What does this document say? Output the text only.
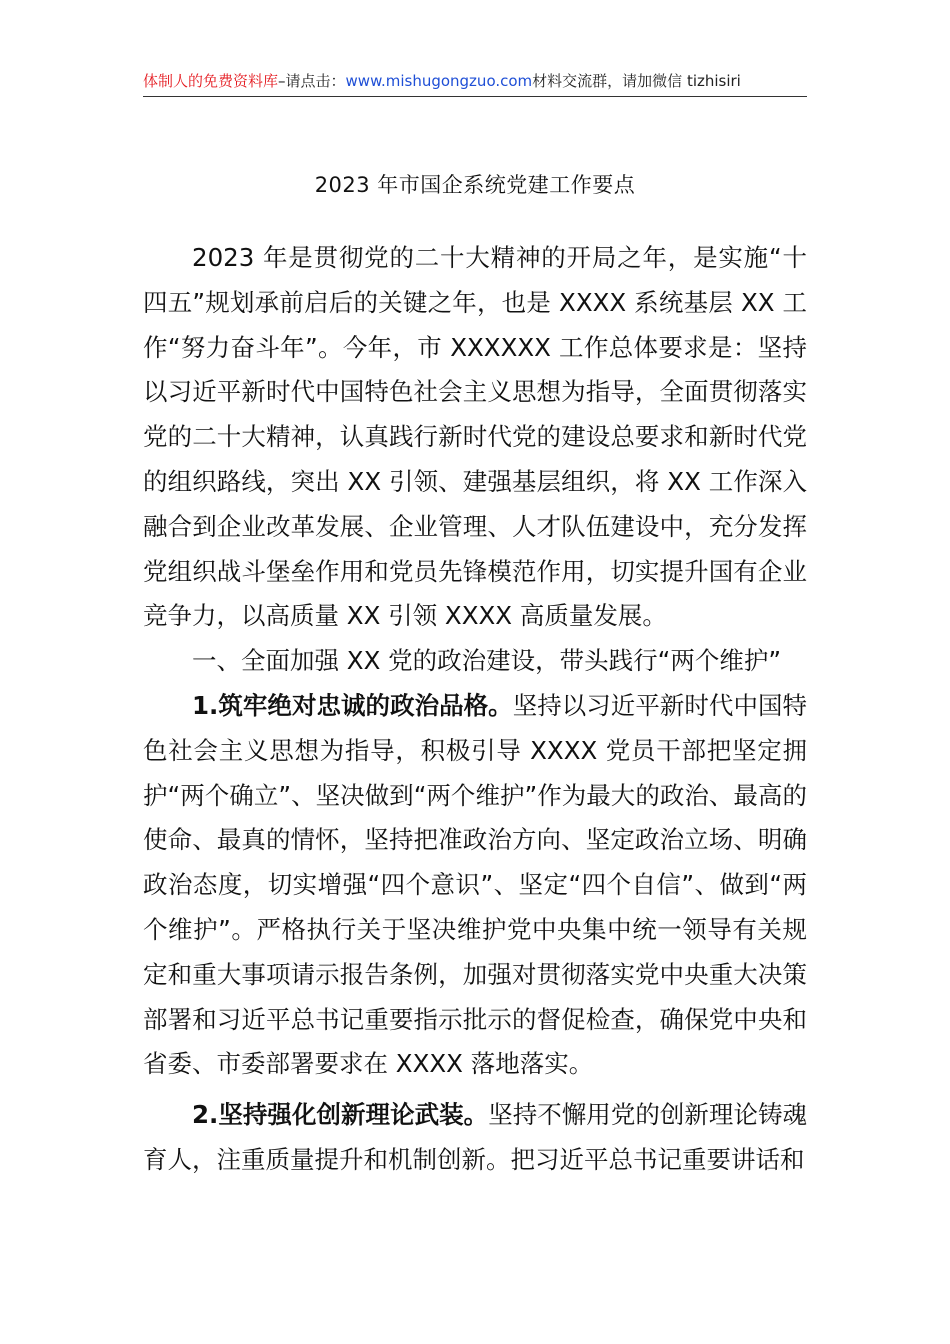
体制人的免费资料库–请点击：www.mishugongzuo.com材料交流群，请加微信 tizhisiri
2023 年市国企系统党建工作要点

2023 年是贯彻党的二十大精神的开局之年，是实施“十四五”规划承前启后的关键之年，也是 XXXX 系统基层 XX 工作“努力奋斗年”。今年，市 XXXXXX 工作总体要求是：坚持以习近平新时代中国特色社会主义思想为指导，全面贯彻落实党的二十大精神，认真践行新时代党的建设总要求和新时代党的组织路线，突出 XX 引领、建强基层组织，将 XX 工作深入融合到企业改革发展、企业管理、人才队伍建设中，充分发挥党组织战斗堡垒作用和党员先锋模范作用，切实提升国有企业竞争力，以高质量 XX 引领 XXXX 高质量发展。

一、全面加强 XX 党的政治建设，带头践行“两个维护”

1.筑牢绝对忠诚的政治品格。坚持以习近平新时代中国特色社会主义思想为指导，积极引导 XXXX 党员干部把坚定拥护“两个确立”、坚决做到“两个维护”作为最大的政治、最高的使命、最真的情怀，坚持把准政治方向、坚定政治立场、明确政治态度，切实增强“四个意识”、坚定“四个自信”、做到“两个维护”。严格执行关于坚决维护党中央集中统一领导有关规定和重大事项请示报告条例，加强对贯彻落实党中央重大决策部署和习近平总书记重要指示批示的督促检查，确保党中央和省委、市委部署要求在 XXXX 落地落实。

2.坚持强化创新理论武装。坚持不懈用党的创新理论铸魂育人，注重质量提升和机制创新。把习近平总书记重要讲话和
